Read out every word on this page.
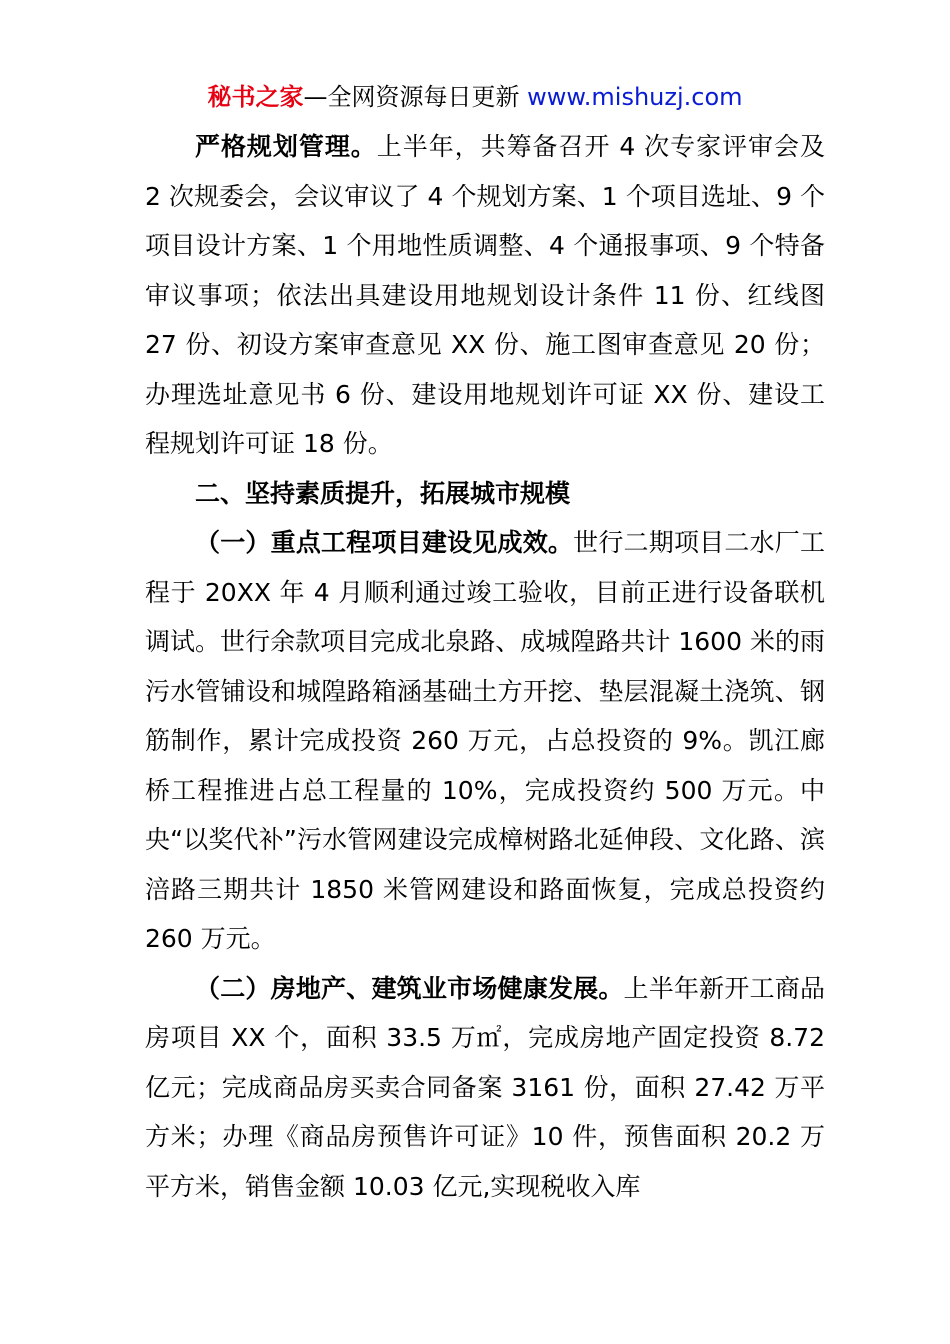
秘书之家—全网资源每日更新 www.mishuzj.com

严格规划管理。上半年，共筹备召开 4 次专家评审会及 2 次规委会，会议审议了 4 个规划方案、1 个项目选址、9 个项目设计方案、1 个用地性质调整、4 个通报事项、9 个特备审议事项；依法出具建设用地规划设计条件 11 份、红线图 27 份、初设方案审查意见 XX 份、施工图审查意见 20 份；办理选址意见书 6 份、建设用地规划许可证 XX 份、建设工程规划许可证 18 份。

二、坚持素质提升，拓展城市规模

（一）重点工程项目建设见成效。世行二期项目二水厂工程于 20XX 年 4 月顺利通过竣工验收，目前正进行设备联机调试。世行余款项目完成北泉路、成城隍路共计 1600 米的雨污水管铺设和城隍路箱涵基础土方开挖、垫层混凝土浇筑、钢筋制作，累计完成投资 260 万元，占总投资的 9%。凯江廊桥工程推进占总工程量的 10%，完成投资约 500 万元。中央“以奖代补”污水管网建设完成樟树路北延伸段、文化路、滨涪路三期共计 1850 米管网建设和路面恢复，完成总投资约 260 万元。

（二）房地产、建筑业市场健康发展。上半年新开工商品房项目 XX 个，面积 33.5 万㎡，完成房地产固定投资 8.72 亿元；完成商品房买卖合同备案 3161 份，面积 27.42 万平方米；办理《商品房预售许可证》10 件，预售面积 20.2 万平方米，销售金额 10.03 亿元,实现税收入库
